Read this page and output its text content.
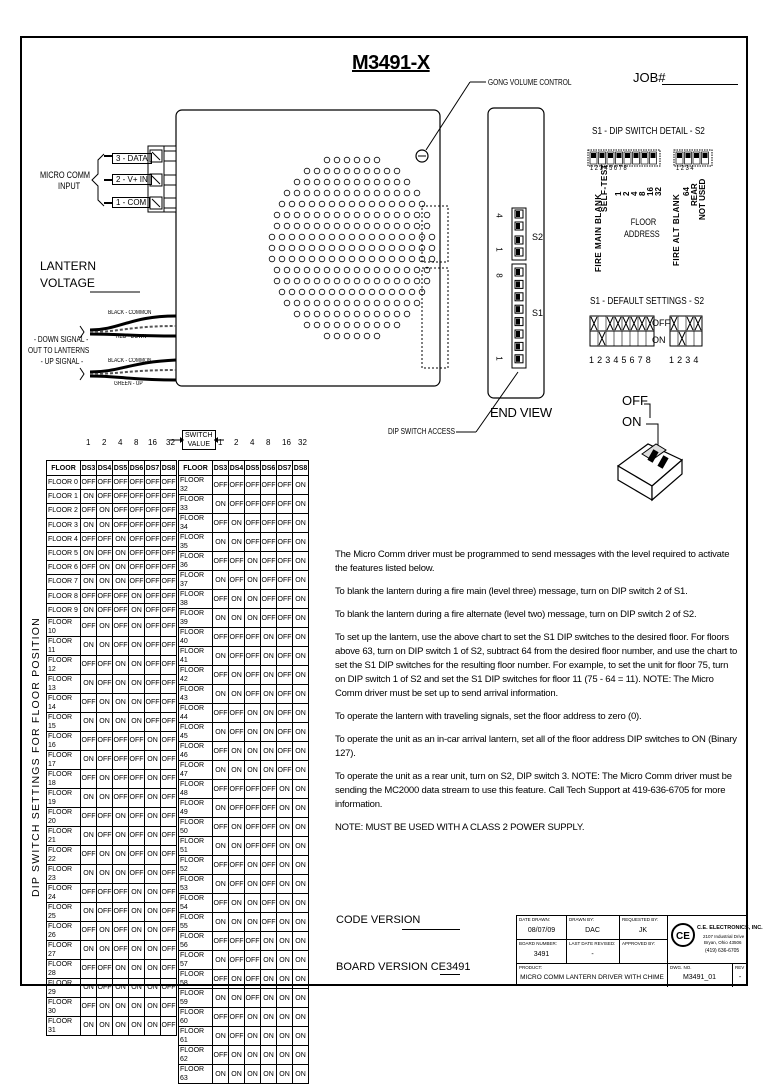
M3491-X
JOB#
GONG VOLUME CONTROL
MICRO COMM
INPUT
3 - DATA
2 - V+ IN
1 - COM
LANTERN
VOLTAGE
BLACK - COMMON
RED - DOWN
BLACK - COMMON
GREEN - UP
- DOWN SIGNAL -
OUT TO LANTERNS
- UP SIGNAL -
4
1
8
1
S2
S1
END VIEW
DIP SWITCH ACCESS
S1 - DIP SWITCH DETAIL - S2
1 2 3 4 5 6 7 8	1 2 3 4
SELF-TEST
FIRE MAIN BLANK 1 2 4 8 16 32
FLOOR
ADDRESS FIRE ALT BLANK
64 REAR NOT USED
S1 - DEFAULT SETTINGS - S2
OFF
ON
1 2 3 4 5 6 7 8 1 2 3 4
OFF
ON
DIP SWITCH SETTINGS FOR FLOOR POSITION
SWITCH
VALUE
1 2 4 8 16 32	1 2 4 8 16 32
FLOOR	DS3	DS4	DS5	DS6	DS7	DS8
FLOOR 0	OFF	OFF	OFF	OFF	OFF	OFF
FLOOR 1	ON	OFF	OFF	OFF	OFF	OFF
FLOOR 2	OFF	ON	OFF	OFF	OFF	OFF
FLOOR 3	ON	ON	OFF	OFF	OFF	OFF
FLOOR 4	OFF	OFF	ON	OFF	OFF	OFF
FLOOR 5	ON	OFF	ON	OFF	OFF	OFF
FLOOR 6	OFF	ON	ON	OFF	OFF	OFF
FLOOR 7	ON	ON	ON	OFF	OFF	OFF
FLOOR 8	OFF	OFF	OFF	ON	OFF	OFF
FLOOR 9	ON	OFF	OFF	ON	OFF	OFF
FLOOR 10	OFF	ON	OFF	ON	OFF	OFF
FLOOR 11	ON	ON	OFF	ON	OFF	OFF
FLOOR 12	OFF	OFF	ON	ON	OFF	OFF
FLOOR 13	ON	OFF	ON	ON	OFF	OFF
FLOOR 14	OFF	ON	ON	ON	OFF	OFF
FLOOR 15	ON	ON	ON	ON	OFF	OFF
FLOOR 16	OFF	OFF	OFF	OFF	ON	OFF
FLOOR 17	ON	OFF	OFF	OFF	ON	OFF
FLOOR 18	OFF	ON	OFF	OFF	ON	OFF
FLOOR 19	ON	ON	OFF	OFF	ON	OFF
FLOOR 20	OFF	OFF	ON	OFF	ON	OFF
FLOOR 21	ON	OFF	ON	OFF	ON	OFF
FLOOR 22	OFF	ON	ON	OFF	ON	OFF
FLOOR 23	ON	ON	ON	OFF	ON	OFF
FLOOR 24	OFF	OFF	OFF	ON	ON	OFF
FLOOR 25	ON	OFF	OFF	ON	ON	OFF
FLOOR 26	OFF	ON	OFF	ON	ON	OFF
FLOOR 27	ON	ON	OFF	ON	ON	OFF
FLOOR 28	OFF	OFF	ON	ON	ON	OFF
FLOOR 29	ON	OFF	ON	ON	ON	OFF
FLOOR 30	OFF	ON	ON	ON	ON	OFF
FLOOR 31	ON	ON	ON	ON	ON	OFF
FLOOR	DS3	DS4	DS5	DS6	DS7	DS8
FLOOR 32	OFF	OFF	OFF	OFF	OFF	ON
FLOOR 33	ON	OFF	OFF	OFF	OFF	ON
FLOOR 34	OFF	ON	OFF	OFF	OFF	ON
FLOOR 35	ON	ON	OFF	OFF	OFF	ON
FLOOR 36	OFF	OFF	ON	OFF	OFF	ON
FLOOR 37	ON	OFF	ON	OFF	OFF	ON
FLOOR 38	OFF	ON	ON	OFF	OFF	ON
FLOOR 39	ON	ON	ON	OFF	OFF	ON
FLOOR 40	OFF	OFF	OFF	ON	OFF	ON
FLOOR 41	ON	OFF	OFF	ON	OFF	ON
FLOOR 42	OFF	ON	OFF	ON	OFF	ON
FLOOR 43	ON	ON	OFF	ON	OFF	ON
FLOOR 44	OFF	OFF	ON	ON	OFF	ON
FLOOR 45	ON	OFF	ON	ON	OFF	ON
FLOOR 46	OFF	ON	ON	ON	OFF	ON
FLOOR 47	ON	ON	ON	ON	OFF	ON
FLOOR 48	OFF	OFF	OFF	OFF	ON	ON
FLOOR 49	ON	OFF	OFF	OFF	ON	ON
FLOOR 50	OFF	ON	OFF	OFF	ON	ON
FLOOR 51	ON	ON	OFF	OFF	ON	ON
FLOOR 52	OFF	OFF	ON	OFF	ON	ON
FLOOR 53	ON	OFF	ON	OFF	ON	ON
FLOOR 54	OFF	ON	ON	OFF	ON	ON
FLOOR 55	ON	ON	ON	OFF	ON	ON
FLOOR 56	OFF	OFF	OFF	ON	ON	ON
FLOOR 57	ON	OFF	OFF	ON	ON	ON
FLOOR 58	OFF	ON	OFF	ON	ON	ON
FLOOR 59	ON	ON	OFF	ON	ON	ON
FLOOR 60	OFF	OFF	ON	ON	ON	ON
FLOOR 61	ON	OFF	ON	ON	ON	ON
FLOOR 62	OFF	ON	ON	ON	ON	ON
FLOOR 63	ON	ON	ON	ON	ON	ON

The Micro Comm driver must be programmed to send messages with the level required to activate the features listed below.

To blank the lantern during a fire main (level three) message, turn on DIP switch 2 of S1.

To blank the lantern during a fire alternate (level two) message, turn on DIP switch 2 of S2.

To set up the lantern, use the above chart to set the S1 DIP switches to the desired floor. For floors above 63, turn on DIP switch 1 of S2, subtract 64 from the desired floor number, and use the chart to set the S1 DIP switches for the resulting floor number. For example, to set the unit for floor 75, turn on DIP switch 1 of S2 and set the S1 DIP switches for floor 11 (75 - 64 = 11). NOTE: The Micro Comm driver must be set up to send arrival information.

To operate the lantern with traveling signals, set the floor address to zero (0).

To operate the unit as an in-car arrival lantern, set all of the floor address DIP switches to ON (Binary 127).

To operate the unit as a rear unit, turn on S2, DIP switch 3. NOTE: The Micro Comm driver must be sending the MC2000 data stream to use this feature. Call Tech Support at 419-636-6705 for more information.

NOTE: MUST BE USED WITH A CLASS 2 POWER SUPPLY.

CODE VERSION
BOARD VERSION CE3491
DATE DRAWN:
08/07/09
DRAWN BY:
DAC
REQUESTED BY:
JK
BOARD NUMBER:
3491
LAST DATE REVISED:
-
APPROVED BY:
PRODUCT:
MICRO COMM LANTERN DRIVER WITH CHIME
DWG. NO.
M3491_01
REV
-
CE
C.E. ELECTRONICS, INC.
2107 Industrial Drive
Bryan, Ohio 43506
(419) 636-6705
